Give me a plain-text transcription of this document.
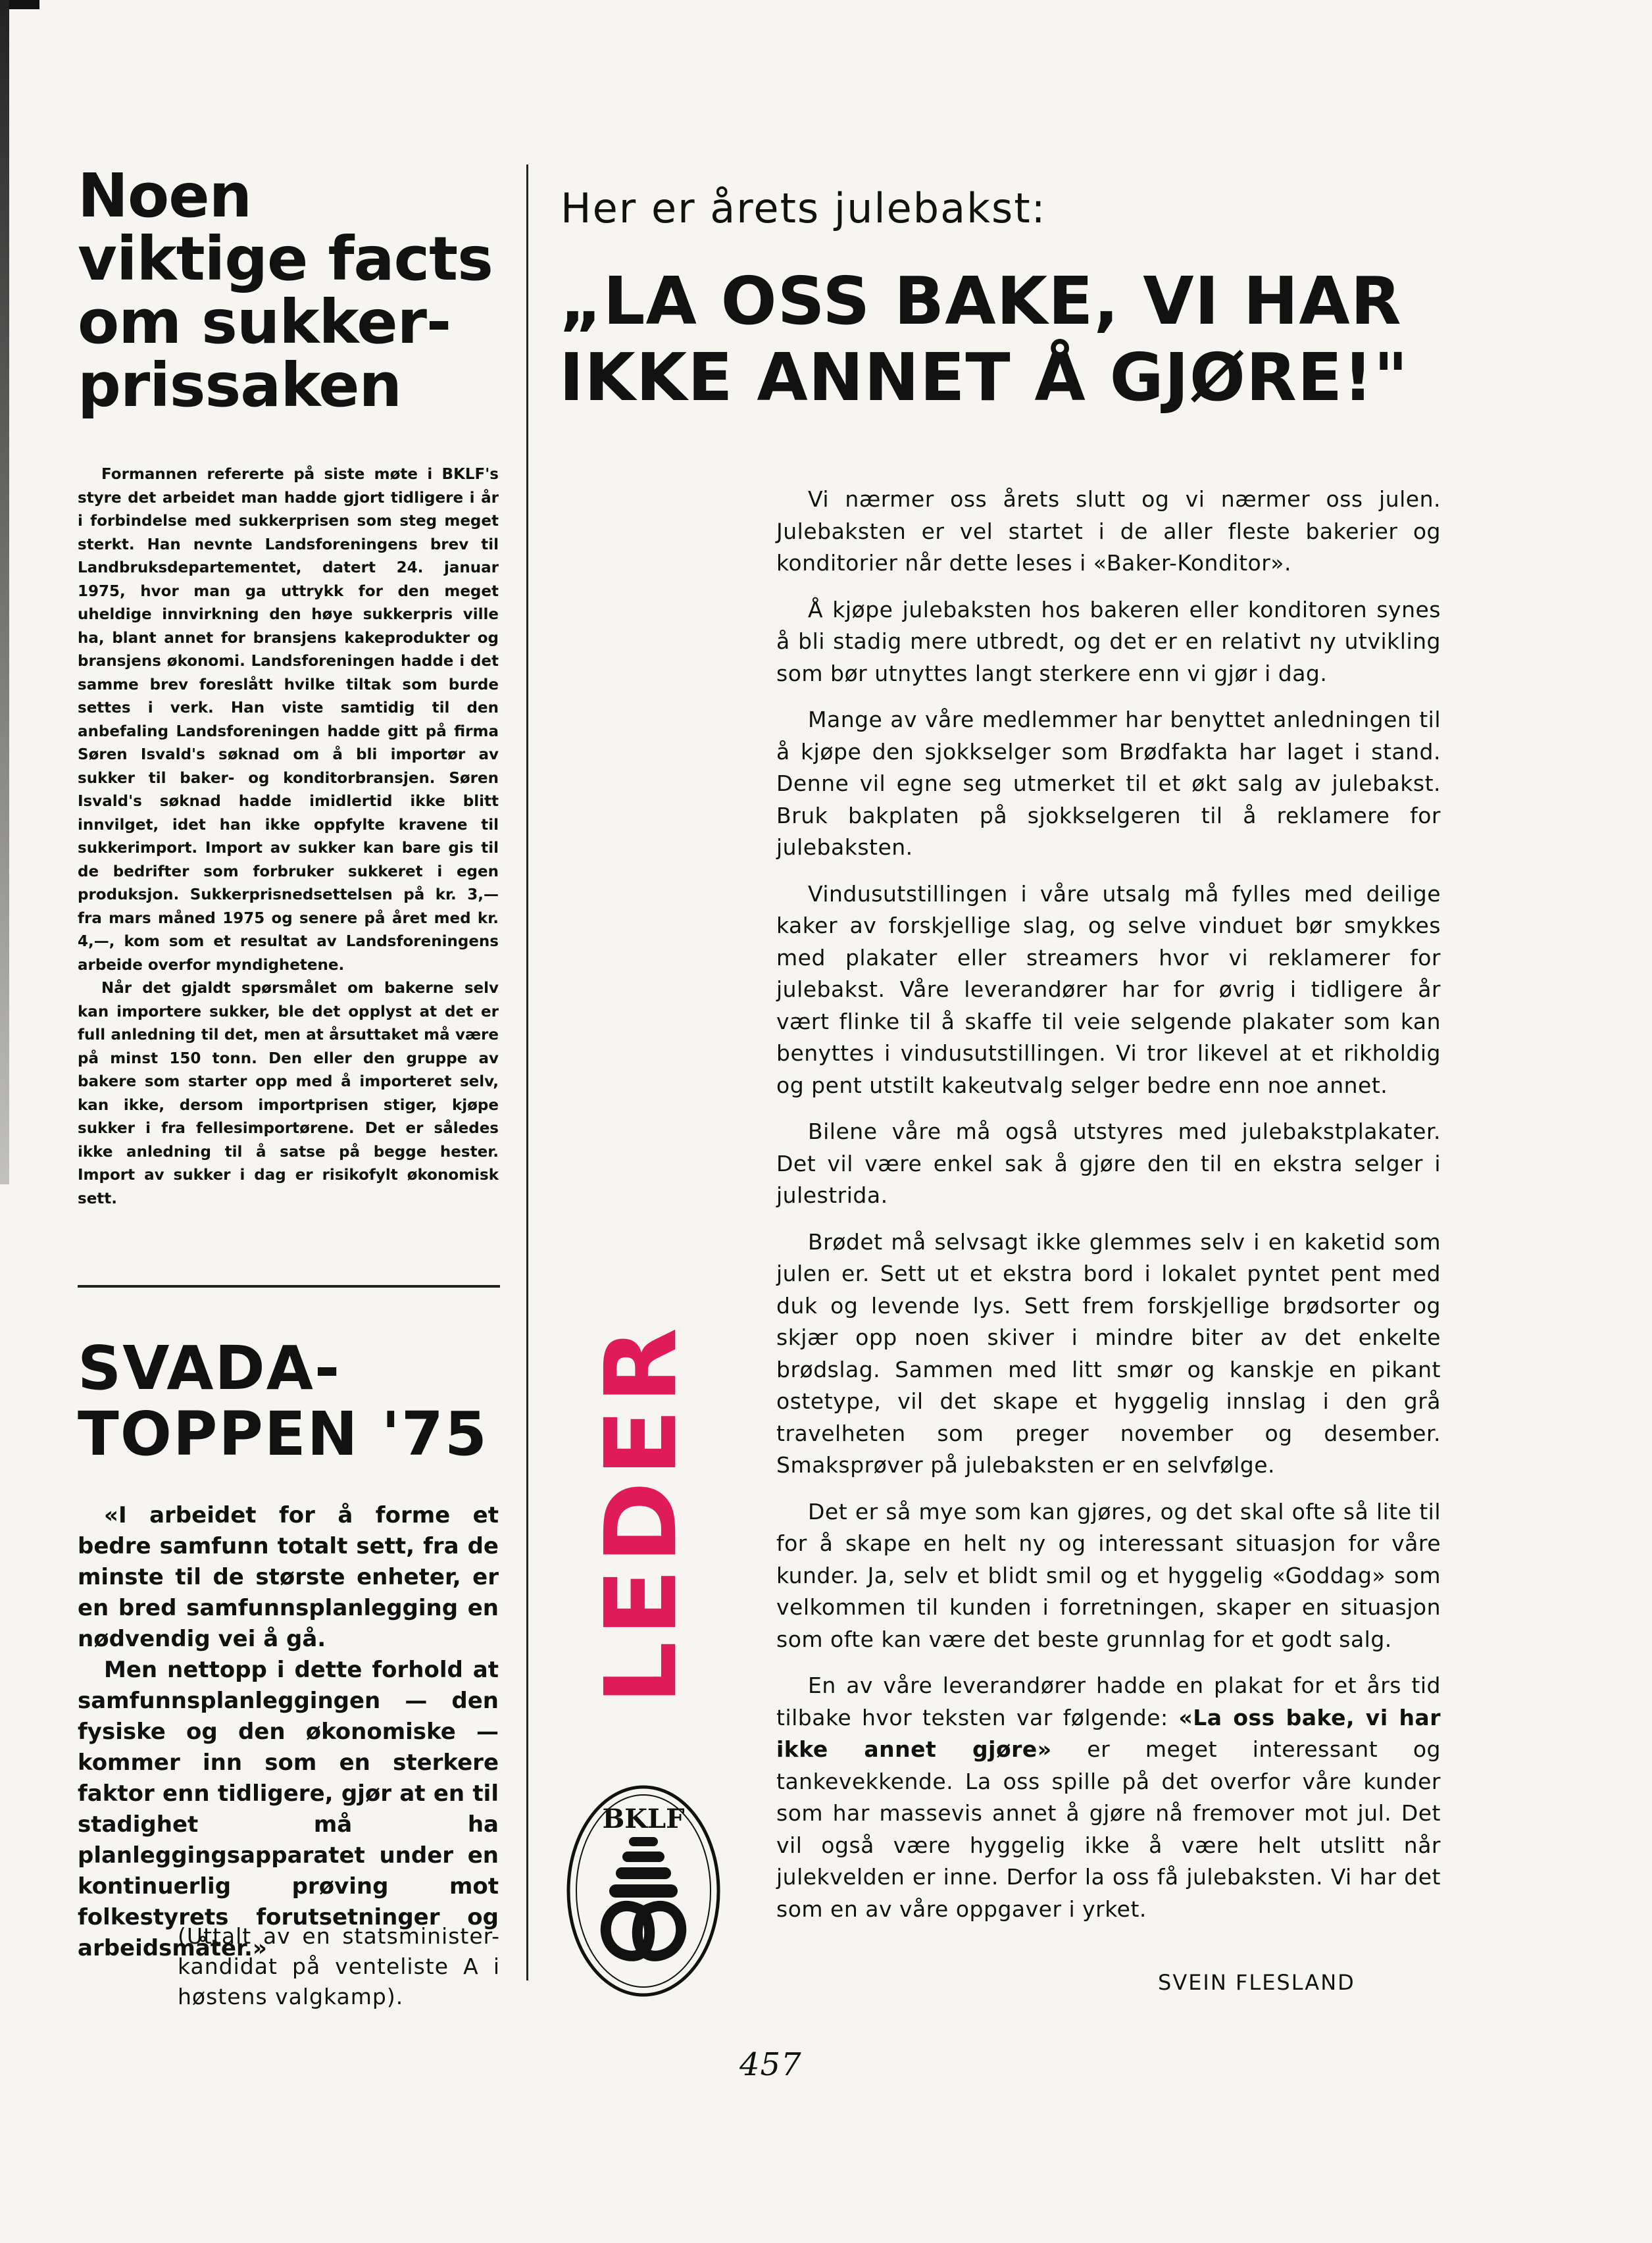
Noen viktige facts om sukker-prissaken

Formannen refererte på siste møte i BKLF's styre det arbeidet man hadde gjort tidligere i år i forbindelse med sukkerprisen som steg meget sterkt. Han nevnte Landsforeningens brev til Landbruksdepartementet, datert 24. januar 1975, hvor man ga uttrykk for den meget uheldige innvirkning den høye sukkerpris ville ha, blant annet for bransjens kakeprodukter og bransjens økonomi. Landsforeningen hadde i det samme brev foreslått hvilke tiltak som burde settes i verk. Han viste samtidig til den anbefaling Landsforeningen hadde gitt på firma Søren Isvald's søknad om å bli importør av sukker til baker- og konditorbransjen. Søren Isvald's søknad hadde imidlertid ikke blitt innvilget, idet han ikke oppfylte kravene til sukkerimport. Import av sukker kan bare gis til de bedrifter som forbruker sukkeret i egen produksjon. Sukkerprisnedsettelsen på kr. 3,— fra mars måned 1975 og senere på året med kr. 4,—, kom som et resultat av Landsforeningens arbeide overfor myndighetene.

Når det gjaldt spørsmålet om bakerne selv kan importere sukker, ble det opplyst at det er full anledning til det, men at årsuttaket må være på minst 150 tonn. Den eller den gruppe av bakere som starter opp med å importeret selv, kan ikke, dersom importprisen stiger, kjøpe sukker i fra fellesimportørene. Det er således ikke anledning til å satse på begge hester. Import av sukker i dag er risikofylt økonomisk sett.

SVADA-TOPPEN '75

«I arbeidet for å forme et bedre samfunn totalt sett, fra de minste til de største enheter, er en bred samfunnsplanlegging en nødvendig vei å gå.

Men nettopp i dette forhold at samfunnsplanleggingen — den fysiske og den økonomiske — kommer inn som en sterkere faktor enn tidligere, gjør at en til stadighet må ha planleggingsapparatet under en kontinuerlig prøving mot folkestyrets forutsetninger og arbeidsmåter.»

(Uttalt av en statsminister-kandidat på venteliste A i høstens valgkamp).
Her er årets julebakst:
„LA OSS BAKE, VI HAR IKKE ANNET Å GJØRE!"

Vi nærmer oss årets slutt og vi nærmer oss julen. Julebaksten er vel startet i de aller fleste bakerier og konditorier når dette leses i «Baker-Konditor».

Å kjøpe julebaksten hos bakeren eller konditoren synes å bli stadig mere utbredt, og det er en relativt ny utvikling som bør utnyttes langt sterkere enn vi gjør i dag.

Mange av våre medlemmer har benyttet anledningen til å kjøpe den sjokkselger som Brødfakta har laget i stand. Denne vil egne seg utmerket til et økt salg av julebakst. Bruk bakplaten på sjokkselgeren til å reklamere for julebaksten.

Vindusutstillingen i våre utsalg må fylles med deilige kaker av forskjellige slag, og selve vinduet bør smykkes med plakater eller streamers hvor vi reklamerer for julebakst. Våre leverandører har for øvrig i tidligere år vært flinke til å skaffe til veie selgende plakater som kan benyttes i vindusutstillingen. Vi tror likevel at et rikholdig og pent utstilt kakeutvalg selger bedre enn noe annet.

Bilene våre må også utstyres med julebakstplakater. Det vil være enkel sak å gjøre den til en ekstra selger i julestrida.

Brødet må selvsagt ikke glemmes selv i en kaketid som julen er. Sett ut et ekstra bord i lokalet pyntet pent med duk og levende lys. Sett frem forskjellige brødsorter og skjær opp noen skiver i mindre biter av det enkelte brødslag. Sammen med litt smør og kanskje en pikant ostetype, vil det skape et hyggelig innslag i den grå travelheten som preger november og desember. Smaksprøver på julebaksten er en selvfølge.

Det er så mye som kan gjøres, og det skal ofte så lite til for å skape en helt ny og interessant situasjon for våre kunder. Ja, selv et blidt smil og et hyggelig «Goddag» som velkommen til kunden i forretningen, skaper en situasjon som ofte kan være det beste grunnlag for et godt salg.

En av våre leverandører hadde en plakat for et års tid tilbake hvor teksten var følgende: «La oss bake, vi har ikke annet gjøre» er meget interessant og tankevekkende. La oss spille på det overfor våre kunder som har massevis annet å gjøre nå fremover mot jul. Det vil også være hyggelig ikke å være helt utslitt når julekvelden er inne. Derfor la oss få julebaksten. Vi har det som en av våre oppgaver i yrket.

SVEIN FLESLAND
LEDER
BKLF
457
